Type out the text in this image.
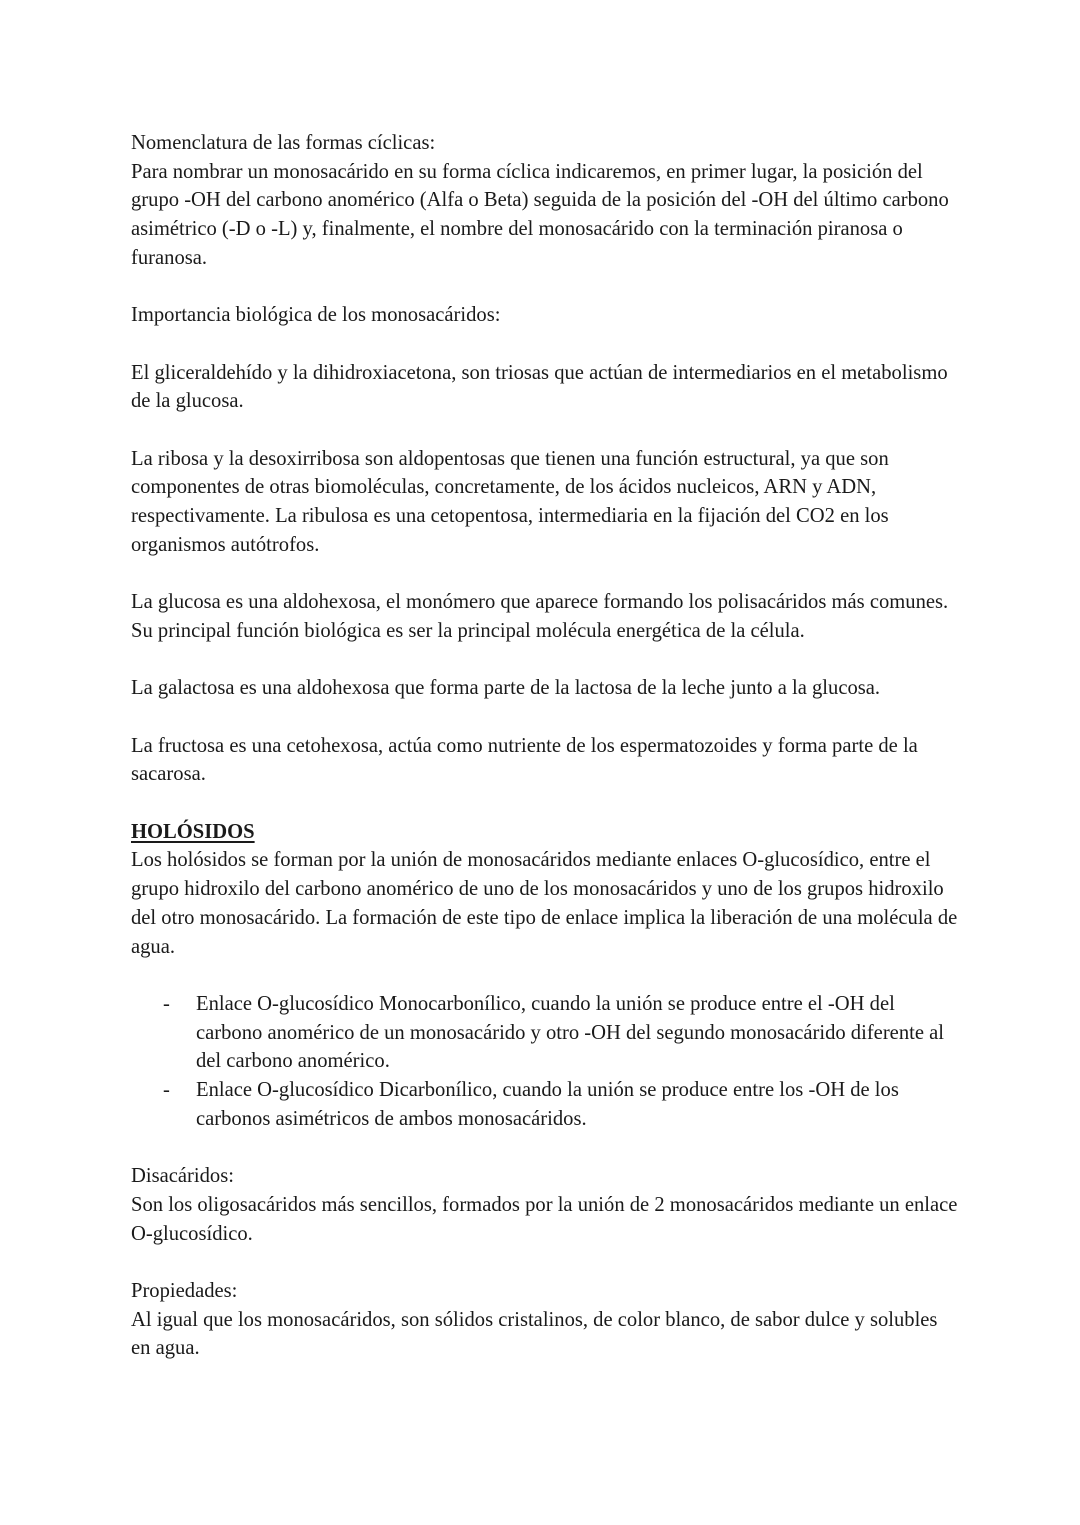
Nomenclatura de las formas cíclicas:

Para nombrar un monosacárido en su forma cíclica indicaremos, en primer lugar, la posición del grupo -OH del carbono anomérico (Alfa o Beta) seguida de la posición del -OH del último carbono asimétrico (-D o -L) y, finalmente, el nombre del monosacárido con la terminación piranosa o furanosa.

Importancia biológica de los monosacáridos:

El gliceraldehído y la dihidroxiacetona, son triosas que actúan de intermediarios en el metabolismo de la glucosa.

La ribosa y la desoxirribosa son aldopentosas que tienen una función estructural, ya que son componentes de otras biomoléculas, concretamente, de los ácidos nucleicos, ARN y ADN, respectivamente. La ribulosa es una cetopentosa, intermediaria en la fijación del CO2 en los organismos autótrofos.

La glucosa es una aldohexosa, el monómero que aparece formando los polisacáridos más comunes. Su principal función biológica es ser la principal molécula energética de la célula.

La galactosa es una aldohexosa que forma parte de la lactosa de la leche junto a la glucosa.

La fructosa es una cetohexosa, actúa como nutriente de los espermatozoides y forma parte de la sacarosa.

HOLÓSIDOS

Los holósidos se forman por la unión de monosacáridos mediante enlaces O-glucosídico, entre el grupo hidroxilo del carbono anomérico de uno de los monosacáridos y uno de los grupos hidroxilo del otro monosacárido. La formación de este tipo de enlace implica la liberación de una molécula de agua.

- Enlace O-glucosídico Monocarbonílico, cuando la unión se produce entre el -OH del carbono anomérico de un monosacárido y otro -OH del segundo monosacárido diferente al del carbono anomérico.
- Enlace O-glucosídico Dicarbonílico, cuando la unión se produce entre los -OH de los carbonos asimétricos de ambos monosacáridos.

Disacáridos:

Son los oligosacáridos más sencillos, formados por la unión de 2 monosacáridos mediante un enlace O-glucosídico.

Propiedades:

Al igual que los monosacáridos, son sólidos cristalinos, de color blanco, de sabor dulce y solubles en agua.
